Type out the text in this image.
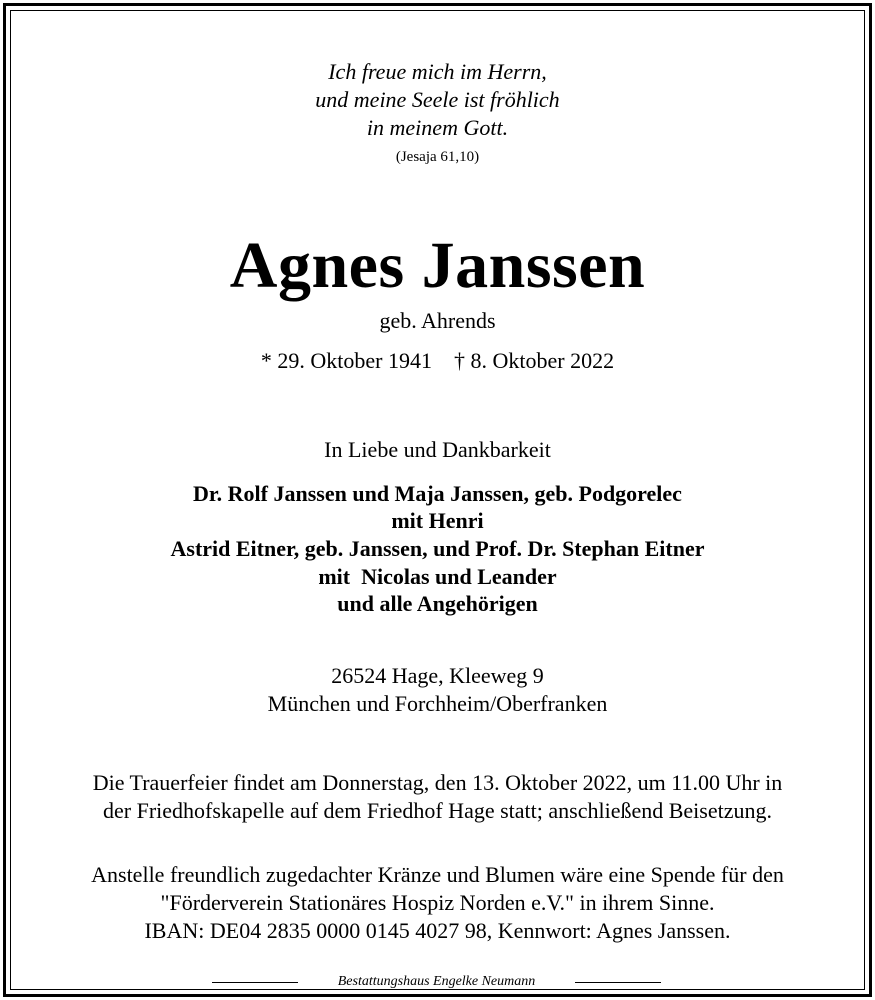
Ich freue mich im Herrn,
und meine Seele ist fröhlich
in meinem Gott.
(Jesaja 61,10)
Agnes Janssen
geb. Ahrends
* 29. Oktober 1941 † 8. Oktober 2022
In Liebe und Dankbarkeit
Dr. Rolf Janssen und Maja Janssen, geb. Podgorelec
mit Henri
Astrid Eitner, geb. Janssen, und Prof. Dr. Stephan Eitner
mit  Nicolas und Leander
und alle Angehörigen
26524 Hage, Kleeweg 9
München und Forchheim/Oberfranken
Die Trauerfeier findet am Donnerstag, den 13. Oktober 2022, um 11.00 Uhr in
der Friedhofskapelle auf dem Friedhof Hage statt; anschließend Beisetzung.
Anstelle freundlich zugedachter Kränze und Blumen wäre eine Spende für den
"Förderverein Stationäres Hospiz Norden e.V." in ihrem Sinne.
IBAN: DE04 2835 0000 0145 4027 98, Kennwort: Agnes Janssen.
Bestattungshaus Engelke Neumann
